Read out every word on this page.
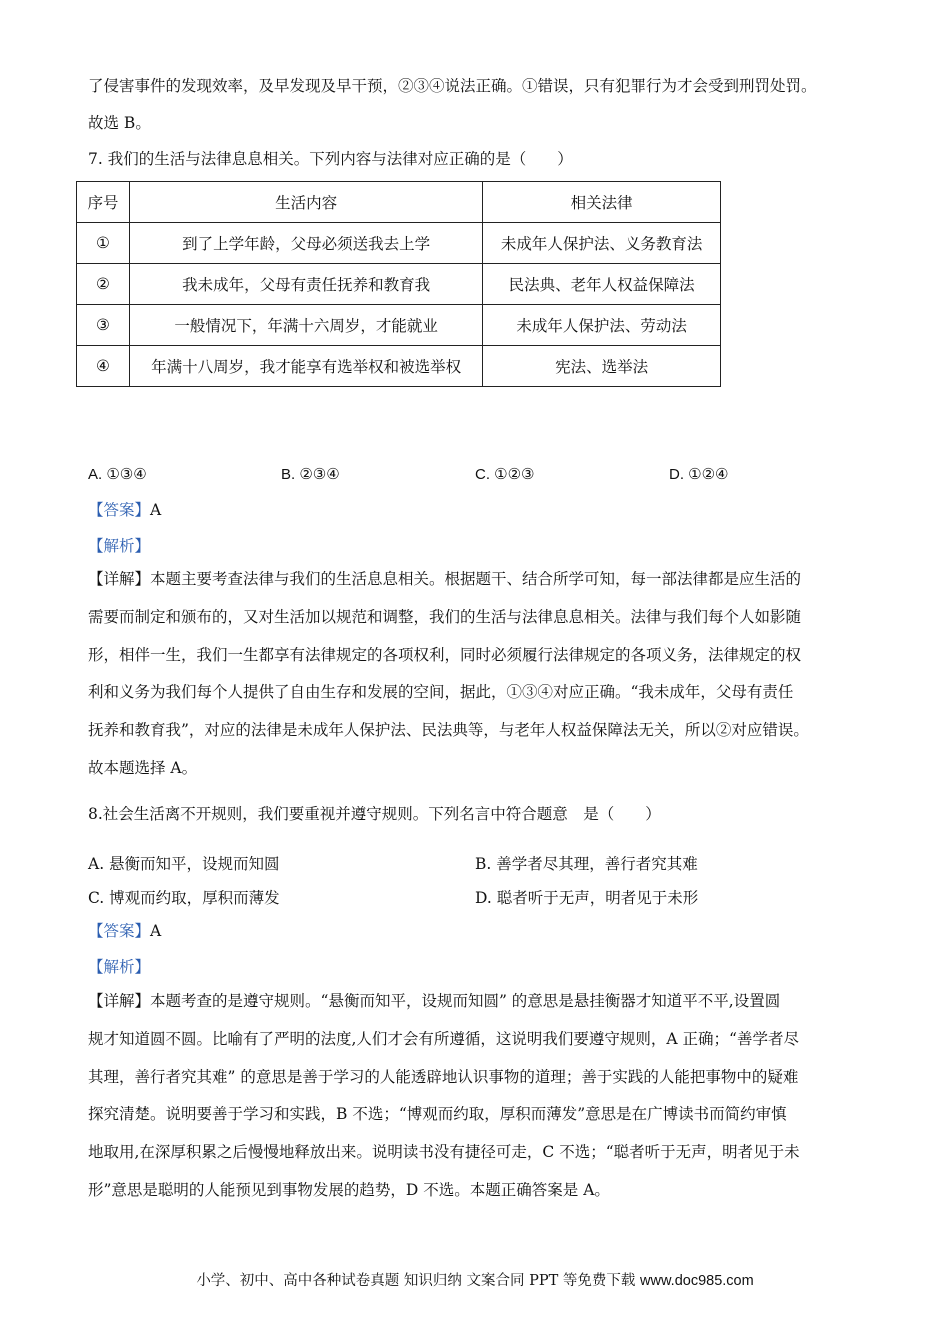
了侵害事件的发现效率，及早发现及早干预，②③④说法正确。①错误，只有犯罪行为才会受到刑罚处罚。
故选 B。
7. 我们的生活与法律息息相关。下列内容与法律对应正确的是（　　）
序号	生活内容	相关法律
①	到了上学年龄，父母必须送我去上学	未成年人保护法、义务教育法
②	我未成年，父母有责任抚养和教育我	民法典、老年人权益保障法
③	一般情况下，年满十六周岁，才能就业	未成年人保护法、劳动法
④	年满十八周岁，我才能享有选举权和被选举权	宪法、选举法
A. ①③④	B. ②③④	C. ①②③	D. ①②④
【答案】A
【解析】
【详解】本题主要考查法律与我们的生活息息相关。根据题干、结合所学可知，每一部法律都是应生活的
需要而制定和颁布的，又对生活加以规范和调整，我们的生活与法律息息相关。法律与我们每个人如影随
形，相伴一生，我们一生都享有法律规定的各项权利，同时必须履行法律规定的各项义务，法律规定的权
利和义务为我们每个人提供了自由生存和发展的空间，据此，①③④对应正确。“我未成年，父母有责任
抚养和教育我”，对应的法律是未成年人保护法、民法典等，与老年人权益保障法无关，所以②对应错误。
故本题选择 A。
8.社会生活离不开规则，我们要重视并遵守规则。下列名言中符合题意　是（　　）
A. 悬衡而知平，设规而知圆	B. 善学者尽其理，善行者究其难
C. 博观而约取，厚积而薄发	D. 聪者听于无声，明者见于未形
【答案】A
【解析】
【详解】本题考查的是遵守规则。“悬衡而知平，设规而知圆” 的意思是悬挂衡器才知道平不平,设置圆
规才知道圆不圆。比喻有了严明的法度,人们才会有所遵循，这说明我们要遵守规则，A 正确；“善学者尽
其理，善行者究其难” 的意思是善于学习的人能透辟地认识事物的道理；善于实践的人能把事物中的疑难
探究清楚。说明要善于学习和实践，B 不选；“博观而约取，厚积而薄发”意思是在广博读书而简约审慎
地取用,在深厚积累之后慢慢地释放出来。说明读书没有捷径可走，C 不选；“聪者听于无声，明者见于未
形”意思是聪明的人能预见到事物发展的趋势，D 不选。本题正确答案是 A。
小学、初中、高中各种试卷真题 知识归纳 文案合同 PPT 等免费下载 www.doc985.com
